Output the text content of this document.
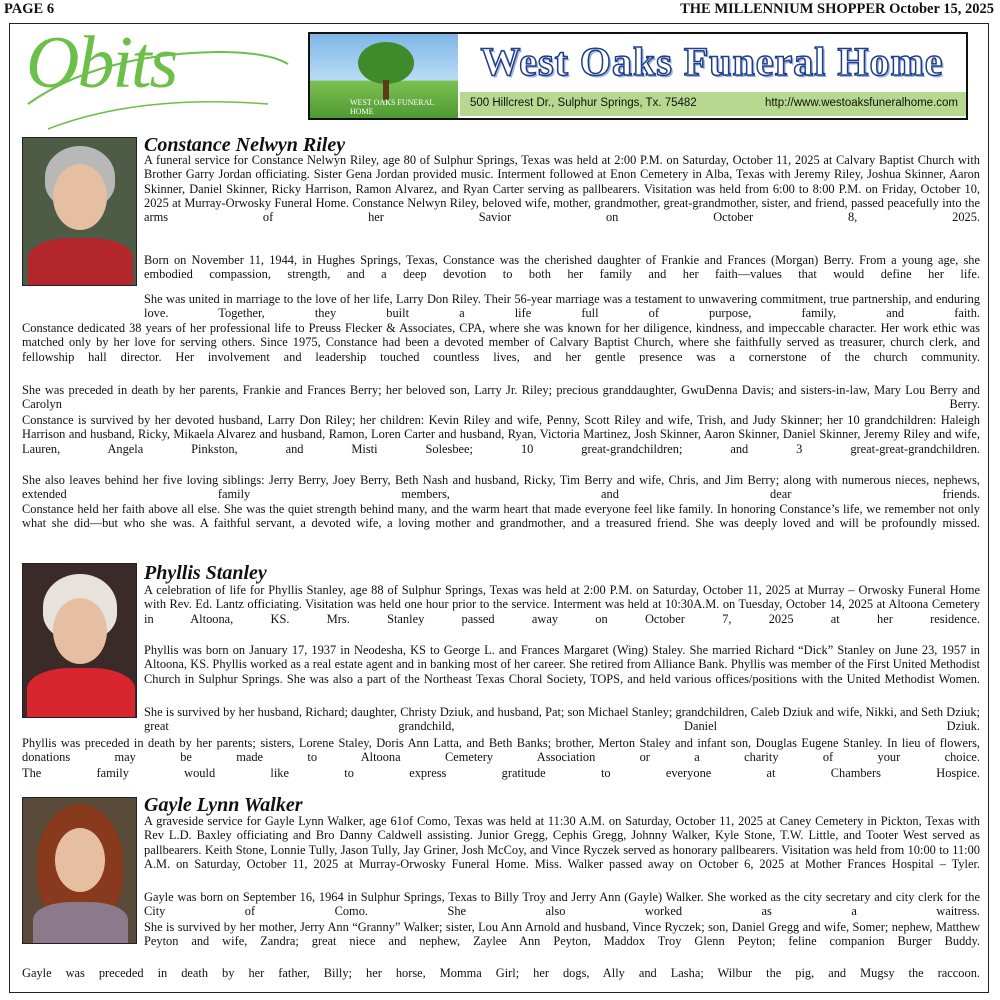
PAGE 6	THE MILLENNIUM SHOPPER October 15, 2025
Obits	WEST OAKS FUNERAL HOME
West Oaks Funeral Home
500 Hillcrest Dr., Sulphur Springs, Tx. 75482	http://www.westoaksfuneralhome.com
Constance Nelwyn Riley

A funeral service for Constance Nelwyn Riley, age 80 of Sulphur Springs, Texas was held at 2:00 P.M. on Saturday, October 11, 2025 at Calvary Baptist Church with Brother Garry Jordan officiating. Sister Gena Jordan provided music. Interment followed at Enon Cemetery in Alba, Texas with Jeremy Riley, Joshua Skinner, Aaron Skinner, Daniel Skinner, Ricky Harrison, Ramon Alvarez, and Ryan Carter serving as pallbearers. Visitation was held from 6:00 to 8:00 P.M. on Friday, October 10, 2025 at Murray-Orwosky Funeral Home. Constance Nelwyn Riley, beloved wife, mother, grandmother, great-grandmother, sister, and friend, passed peacefully into the arms of her Savior on October 8, 2025.

Born on November 11, 1944, in Hughes Springs, Texas, Constance was the cherished daughter of Frankie and Frances (Morgan) Berry. From a young age, she embodied compassion, strength, and a deep devotion to both her family and her faith—values that would define her life.

She was united in marriage to the love of her life, Larry Don Riley. Their 56-year marriage was a testament to unwavering commitment, true partnership, and enduring love. Together, they built a life full of purpose, family, and faith.

Constance dedicated 38 years of her professional life to Preuss Flecker & Associates, CPA, where she was known for her diligence, kindness, and impeccable character. Her work ethic was matched only by her love for serving others. Since 1975, Constance had been a devoted member of Calvary Baptist Church, where she faithfully served as treasurer, church clerk, and fellowship hall director. Her involvement and leadership touched countless lives, and her gentle presence was a cornerstone of the church community.

She was preceded in death by her parents, Frankie and Frances Berry; her beloved son, Larry Jr. Riley; precious granddaughter, GwuDenna Davis; and sisters-in-law, Mary Lou Berry and Carolyn Berry.

Constance is survived by her devoted husband, Larry Don Riley; her children: Kevin Riley and wife, Penny, Scott Riley and wife, Trish, and Judy Skinner; her 10 grandchildren: Haleigh Harrison and husband, Ricky, Mikaela Alvarez and husband, Ramon, Loren Carter and husband, Ryan, Victoria Martinez, Josh Skinner, Aaron Skinner, Daniel Skinner, Jeremy Riley and wife, Lauren, Angela Pinkston, and Misti Solesbee; 10 great-grandchildren; and 3 great-great-grandchildren.

She also leaves behind her five loving siblings: Jerry Berry, Joey Berry, Beth Nash and husband, Ricky, Tim Berry and wife, Chris, and Jim Berry; along with numerous nieces, nephews, extended family members, and dear friends.

Constance held her faith above all else. She was the quiet strength behind many, and the warm heart that made everyone feel like family. In honoring Constance’s life, we remember not only what she did—but who she was. A faithful servant, a devoted wife, a loving mother and grandmother, and a treasured friend. She was deeply loved and will be profoundly missed.

Phyllis Stanley

A celebration of life for Phyllis Stanley, age 88 of Sulphur Springs, Texas was held at 2:00 P.M. on Saturday, October 11, 2025 at Murray – Orwosky Funeral Home with Rev. Ed. Lantz officiating. Visitation was held one hour prior to the service. Interment was held at 10:30A.M. on Tuesday, October 14, 2025 at Altoona Cemetery in Altoona, KS. Mrs. Stanley passed away on October 7, 2025 at her residence.

Phyllis was born on January 17, 1937 in Neodesha, KS to George L. and Frances Margaret (Wing) Staley. She married Richard “Dick” Stanley on June 23, 1957 in Altoona, KS. Phyllis worked as a real estate agent and in banking most of her career. She retired from Alliance Bank. Phyllis was member of the First United Methodist Church in Sulphur Springs. She was also a part of the Northeast Texas Choral Society, TOPS, and held various offices/positions with the United Methodist Women.

She is survived by her husband, Richard; daughter, Christy Dziuk, and husband, Pat; son Michael Stanley; grandchildren, Caleb Dziuk and wife, Nikki, and Seth Dziuk; great grandchild, Daniel Dziuk.

Phyllis was preceded in death by her parents; sisters, Lorene Staley, Doris Ann Latta, and Beth Banks; brother, Merton Staley and infant son, Douglas Eugene Stanley. In lieu of flowers, donations may be made to Altoona Cemetery Association or a charity of your choice.

The family would like to express gratitude to everyone at Chambers Hospice.

Gayle Lynn Walker

A graveside service for Gayle Lynn Walker, age 61of Como, Texas was held at 11:30 A.M. on Saturday, October 11, 2025 at Caney Cemetery in Pickton, Texas with Rev L.D. Baxley officiating and Bro Danny Caldwell assisting. Junior Gregg, Cephis Gregg, Johnny Walker, Kyle Stone, T.W. Little, and Tooter West served as pallbearers. Keith Stone, Lonnie Tully, Jason Tully, Jay Griner, Josh McCoy, and Vince Ryczek served as honorary pallbearers. Visitation was held from 10:00 to 11:00 A.M. on Saturday, October 11, 2025 at Murray-Orwosky Funeral Home. Miss. Walker passed away on October 6, 2025 at Mother Frances Hospital – Tyler.

Gayle was born on September 16, 1964 in Sulphur Springs, Texas to Billy Troy and Jerry Ann (Gayle) Walker. She worked as the city secretary and city clerk for the City of Como. She also worked as a waitress.

She is survived by her mother, Jerry Ann “Granny” Walker; sister, Lou Ann Arnold and husband, Vince Ryczek; son, Daniel Gregg and wife, Somer; nephew, Matthew Peyton and wife, Zandra; great niece and nephew, Zaylee Ann Peyton, Maddox Troy Glenn Peyton; feline companion Burger Buddy.

Gayle was preceded in death by her father, Billy; her horse, Momma Girl; her dogs, Ally and Lasha; Wilbur the pig, and Mugsy the raccoon.
